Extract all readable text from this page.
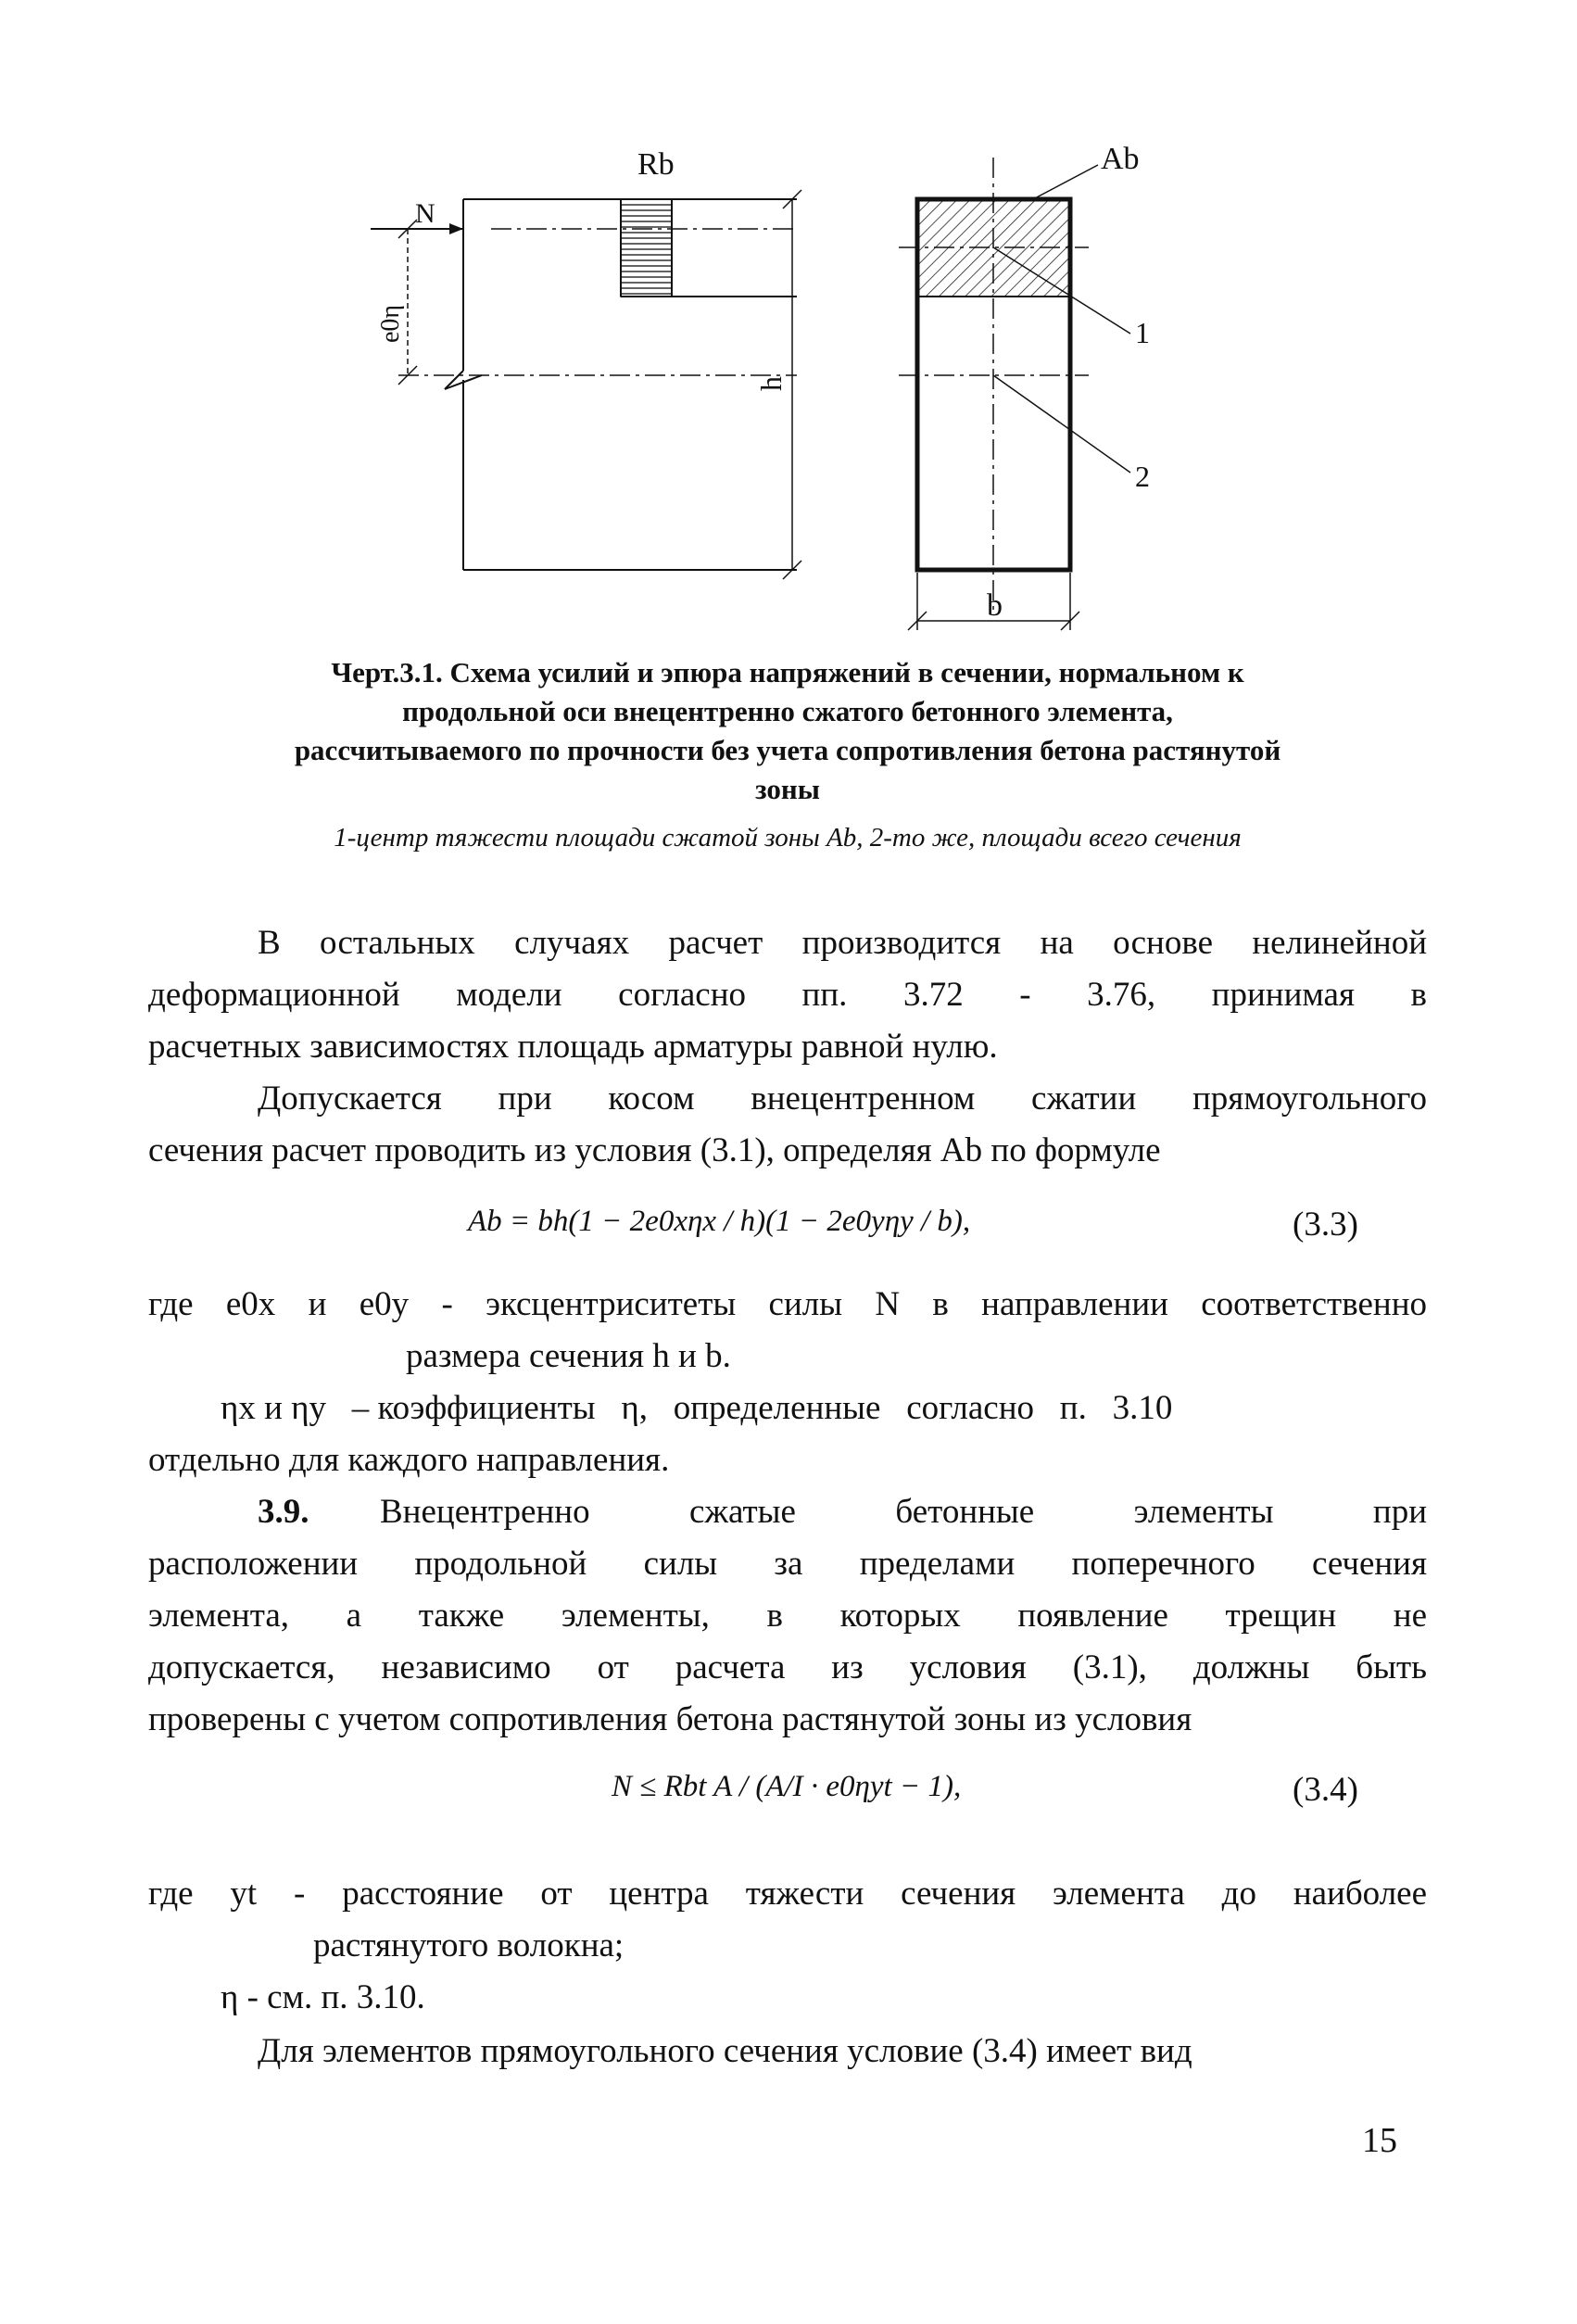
Rb	Ab
N
e0η
h
b
1
2
Черт.3.1. Схема усилий и эпюра напряжений в сечении, нормальном к
продольной оси внецентренно сжатого бетонного элемента,
рассчитываемого по прочности без учета сопротивления бетона растянутой
зоны
1-центр тяжести площади сжатой зоны Ab, 2-то же, площади всего сечения
В остальных случаях расчет производится на основе нелинейной
деформационной модели согласно пп. 3.72 - 3.76, принимая в
расчетных зависимостях площадь арматуры равной нулю.
Допускается при косом внецентренном сжатии прямоугольного
сечения расчет проводить из условия (3.1), определяя Ab по формуле
Ab = bh(1 − 2e0xηx / h)(1 − 2e0yηy / b),	(3.3)
где e0x и e0y - эксцентриситеты силы N в направлении соответственно
размера сечения h и b.
ηx и ηy   – коэффициенты   η,   определенные   согласно   п.   3.10
отдельно для каждого направления.
3.9. Внецентренно сжатые бетонные элементы при
расположении продольной силы за пределами поперечного сечения
элемента, а также элементы, в которых появление трещин не
допускается, независимо от расчета из условия (3.1), должны быть
проверены с учетом сопротивления бетона растянутой зоны из условия
N ≤ Rbt A / (A/I · e0ηyt − 1),	(3.4)
где yt - расстояние от центра тяжести сечения элемента до наиболее
растянутого волокна;
η - см. п. 3.10.
Для элементов прямоугольного сечения условие (3.4) имеет вид
15
